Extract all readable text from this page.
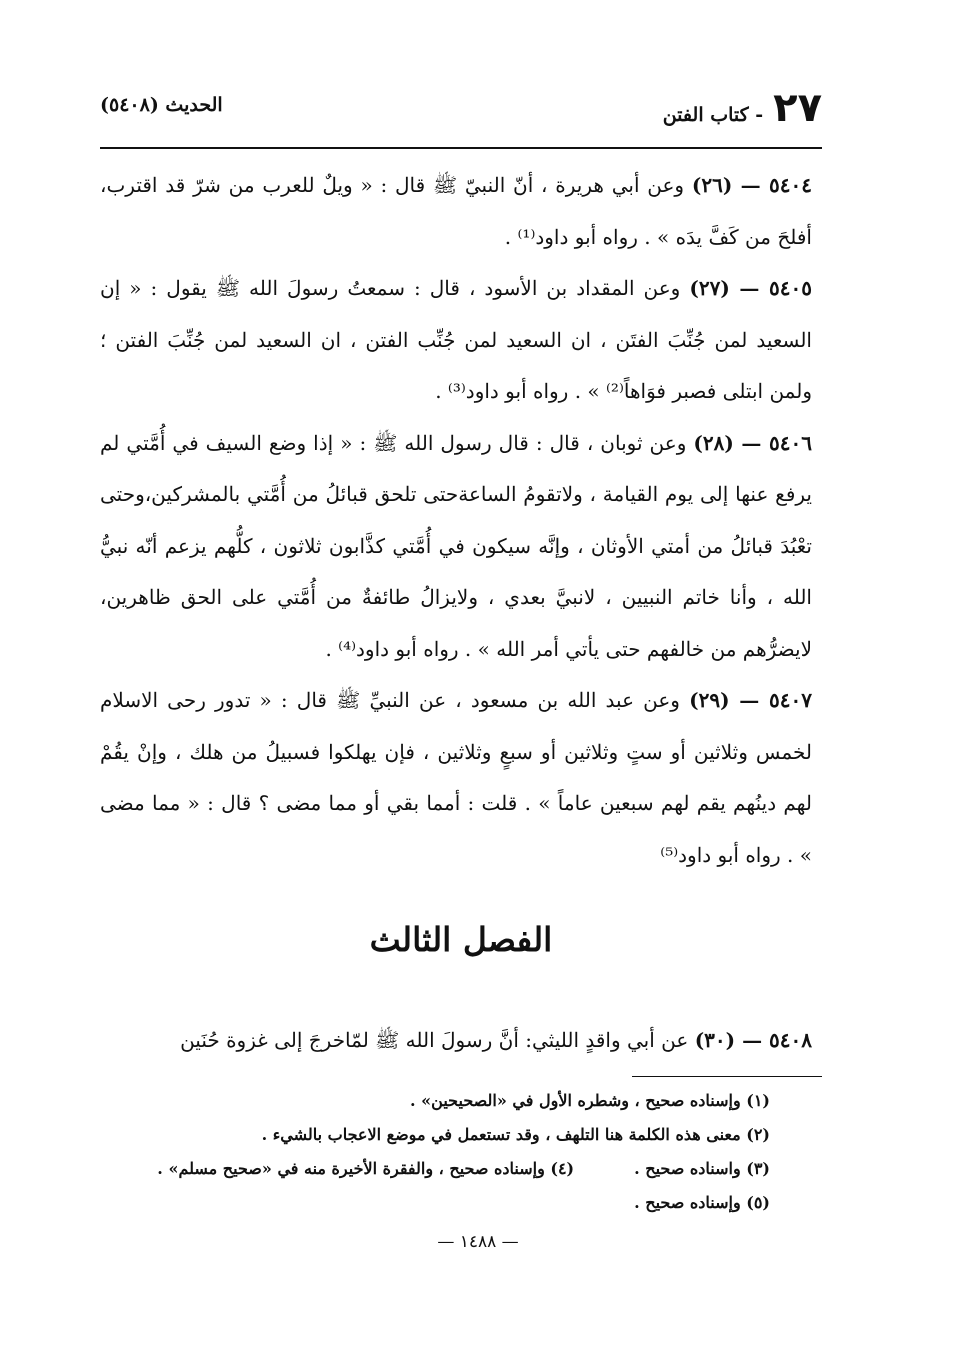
٢٧
- كتاب الفتن
الحديث (٥٤٠٨)

٥٤٠٤ — (٢٦) وعن أبي هريرة ، أنّ النبيّ ﷺ قال : « ويلٌ للعرب من شرّ قد اقترب، أفلحَ من كَفَّ يدَه » . رواه أبو داود⁽¹⁾ .

٥٤٠٥ — (٢٧) وعن المقداد بن الأسود ، قال : سمعتُ رسولَ الله ﷺ يقول : « إن السعيد لمن جُنِّبَ الفتَن ، ان السعيد لمن جُنِّب الفتن ، ان السعيد لمن جُنِّبَ الفتن ؛ ولمن ابتلى فصبر فوَاهاً⁽²⁾ » . رواه أبو داود⁽³⁾ .

٥٤٠٦ — (٢٨) وعن ثوبان ، قال : قال رسول الله ﷺ : « إذا وضع السيف في أُمَّتي لم يرفع عنها إلى يوم القيامة ، ولاتقومُ الساعةحتى تلحق قبائلُ من أُمَّتي بالمشركين،وحتى تعْبُدَ قبائلُ من أمتي الأوثان ، وإنَّه سيكون في أُمَّتي كذَّابون ثلاثون ، كلُّهم يزعم أنّه نبيُّ الله ، وأنا خاتم النبيين ، لانبيَّ بعدي ، ولايزالُ طائفةٌ من أُمَّتي على الحق ظاهرين، لايضرُّهم من خالفهم حتى يأتي أمر الله » . رواه أبو داود⁽⁴⁾ .

٥٤٠٧ — (٢٩) وعن عبد الله بن مسعود ، عن النبيِّ ﷺ قال : « تدور رحى الاسلام لخمس وثلاثين أو ستٍ وثلاثين أو سبعٍ وثلاثين ، فإن يهلكوا فسبيلُ من هلك ، وإنْ يقُمْ لهم دينُهم يقم لهم سبعين عاماً » . قلت : أمما بقي أو مما مضى ؟ قال : « مما مضى » . رواه أبو داود⁽⁵⁾

الفصل الثالث

٥٤٠٨ — (٣٠) عن أبي واقدٍ الليثي: أنَّ رسولَ الله ﷺ لمّاخرجَ إلى غزوة حُنَين

(١) وإسناده صحيح ، وشطره الأول في «الصحيحين» .
(٢) معنى هذه الكلمة هنا التلهف ، وقد تستعمل في موضع الاعجاب بالشيء .
(٣) واسناده صحيح .
(٤) وإسناده صحيح ، والفقرة الأخيرة منه في «صحيح مسلم» .
(٥) وإسناده صحيح .
— ١٤٨٨ —
